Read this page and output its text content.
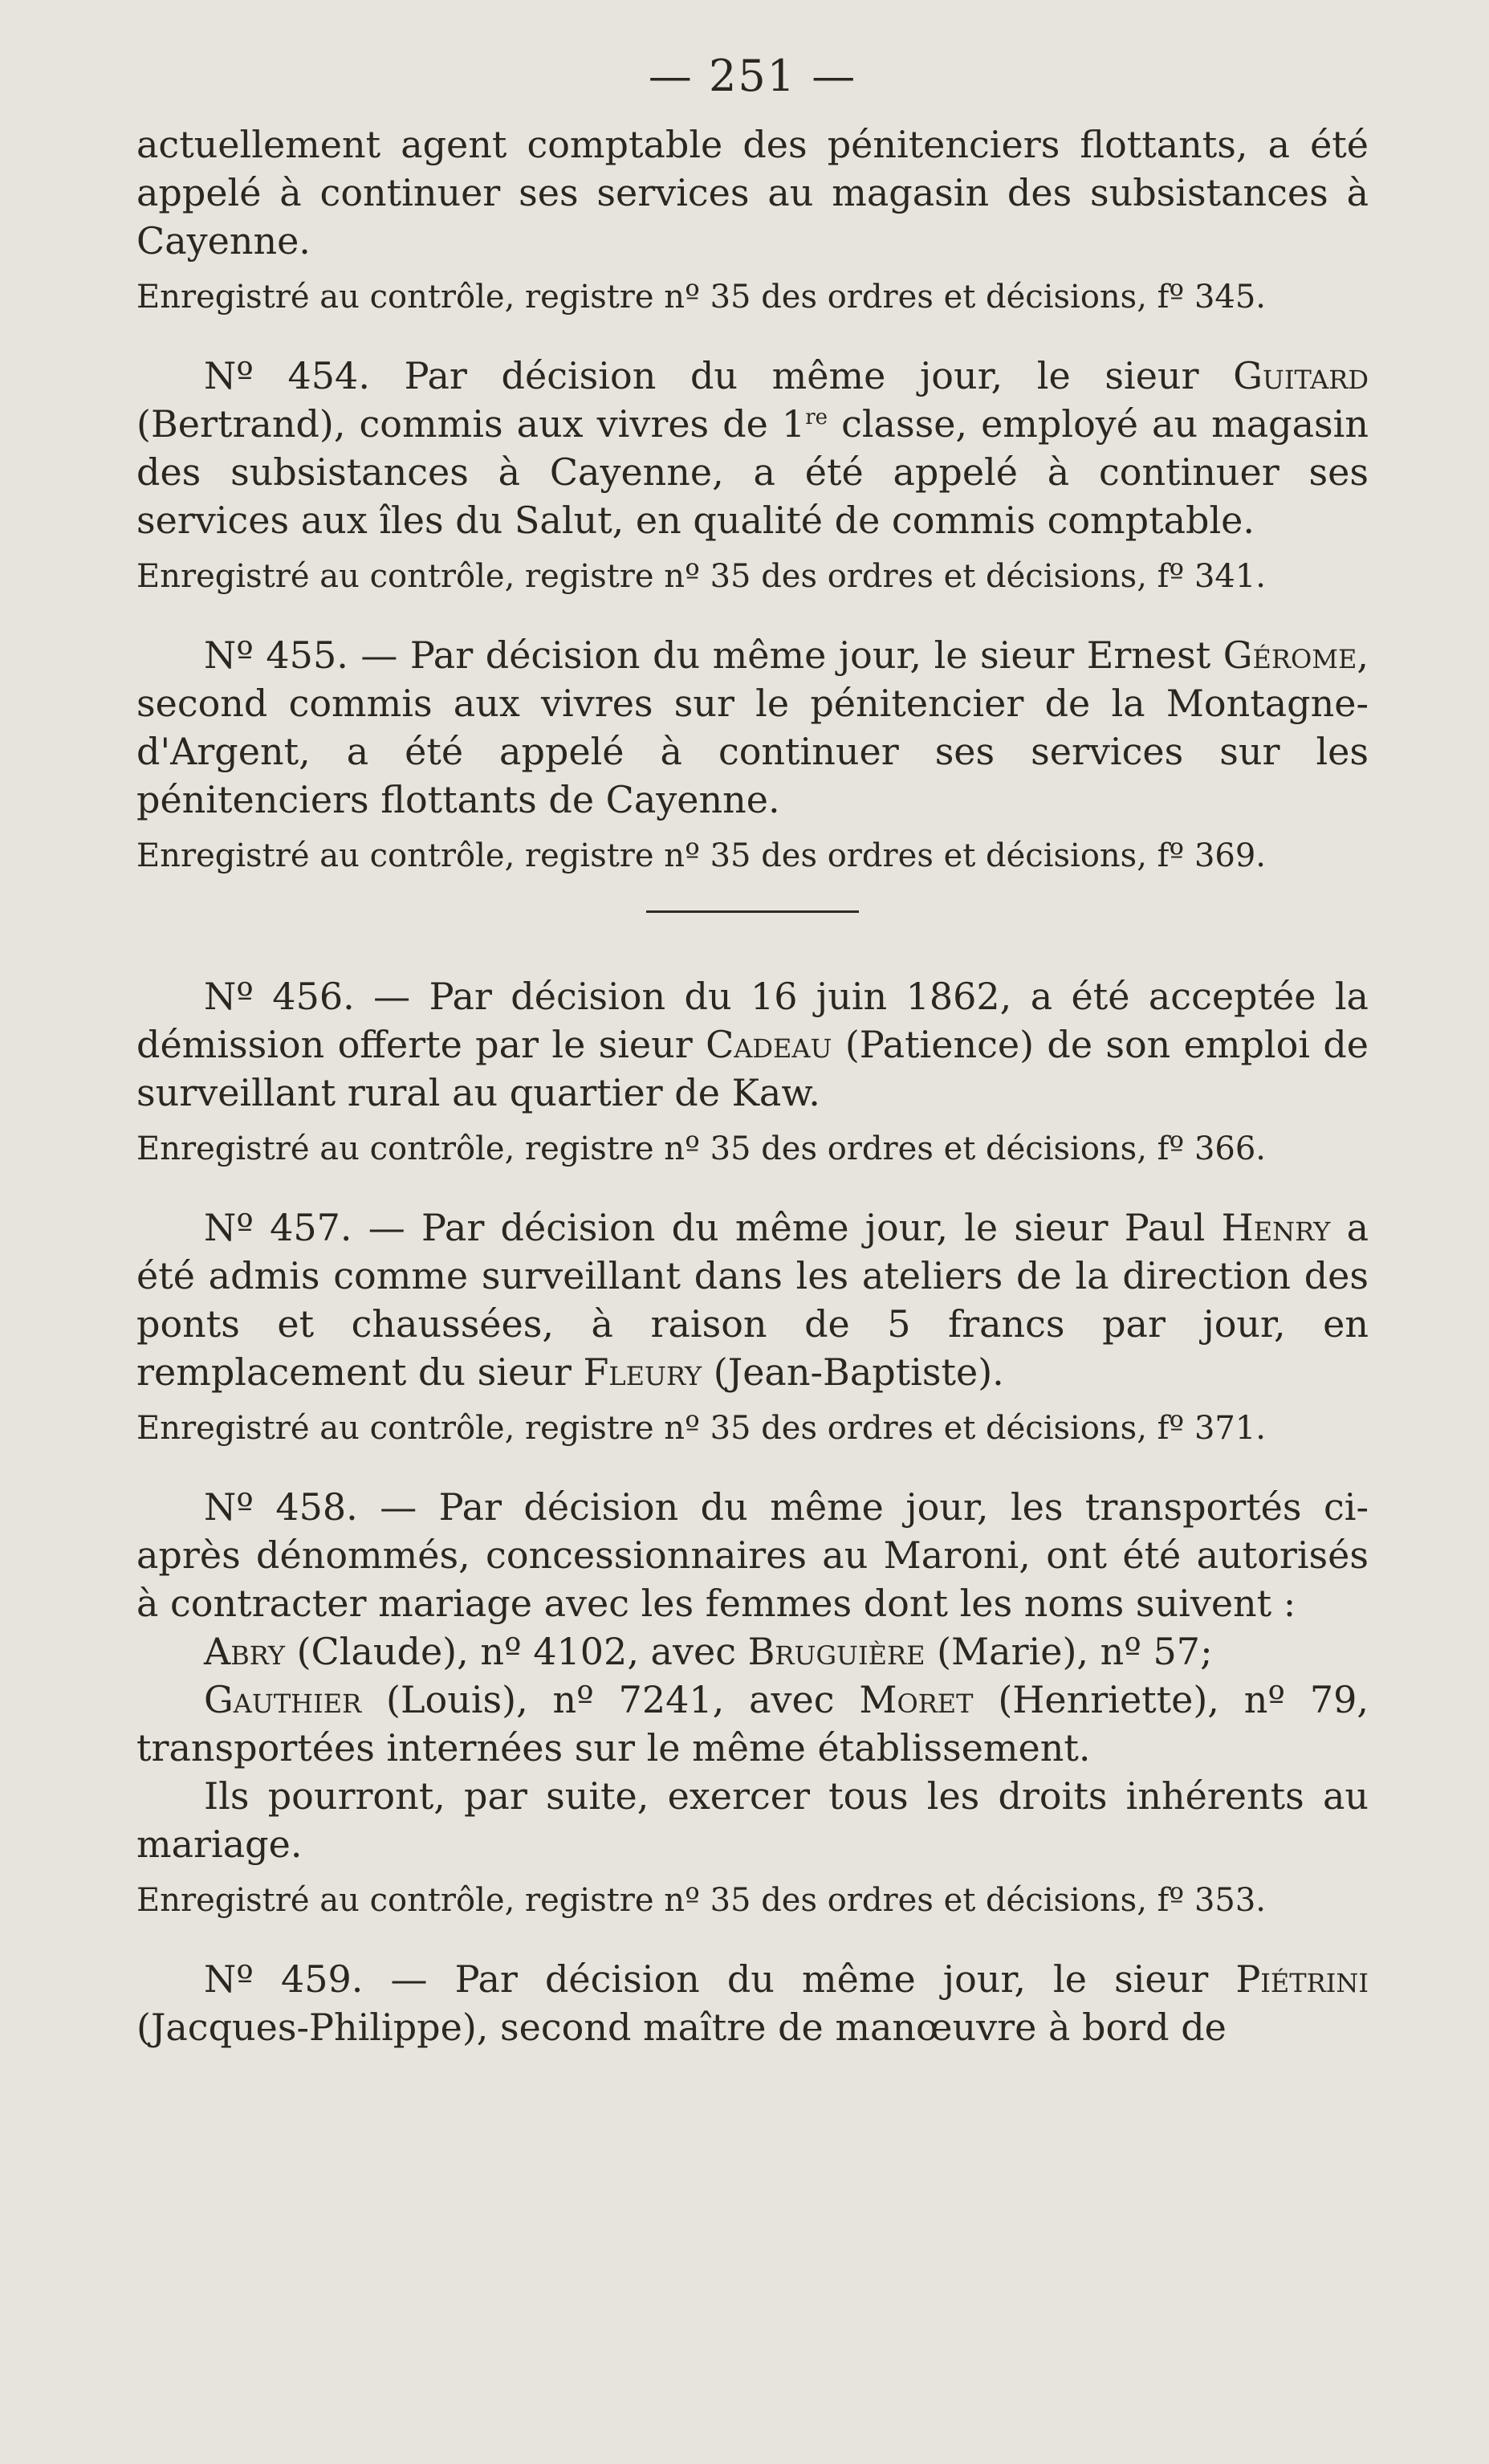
— 251 —

actuellement agent comptable des pénitenciers flottants, a été appelé à continuer ses services au magasin des subsistances à Cayenne.

Enregistré au contrôle, registre nº 35 des ordres et décisions, fº 345.

Nº 454. Par décision du même jour, le sieur Guitard (Bertrand), commis aux vivres de 1re classe, employé au magasin des subsistances à Cayenne, a été appelé à continuer ses services aux îles du Salut, en qualité de commis comptable.

Enregistré au contrôle, registre nº 35 des ordres et décisions, fº 341.

Nº 455. — Par décision du même jour, le sieur Ernest Gérome, second commis aux vivres sur le pénitencier de la Montagne-d'Argent, a été appelé à continuer ses services sur les pénitenciers flottants de Cayenne.

Enregistré au contrôle, registre nº 35 des ordres et décisions, fº 369.

Nº 456. — Par décision du 16 juin 1862, a été acceptée la démission offerte par le sieur Cadeau (Patience) de son emploi de surveillant rural au quartier de Kaw.

Enregistré au contrôle, registre nº 35 des ordres et décisions, fº 366.

Nº 457. — Par décision du même jour, le sieur Paul Henry a été admis comme surveillant dans les ateliers de la direction des ponts et chaussées, à raison de 5 francs par jour, en remplacement du sieur Fleury (Jean-Baptiste).

Enregistré au contrôle, registre nº 35 des ordres et décisions, fº 371.

Nº 458. — Par décision du même jour, les transportés ci-après dénommés, concessionnaires au Maroni, ont été autorisés à contracter mariage avec les femmes dont les noms suivent :

Abry (Claude), nº 4102, avec Bruguière (Marie), nº 57;

Gauthier (Louis), nº 7241, avec Moret (Henriette), nº 79, transportées internées sur le même établissement.

Ils pourront, par suite, exercer tous les droits inhérents au mariage.

Enregistré au contrôle, registre nº 35 des ordres et décisions, fº 353.

Nº 459. — Par décision du même jour, le sieur Piétrini (Jacques-Philippe), second maître de manœuvre à bord de
